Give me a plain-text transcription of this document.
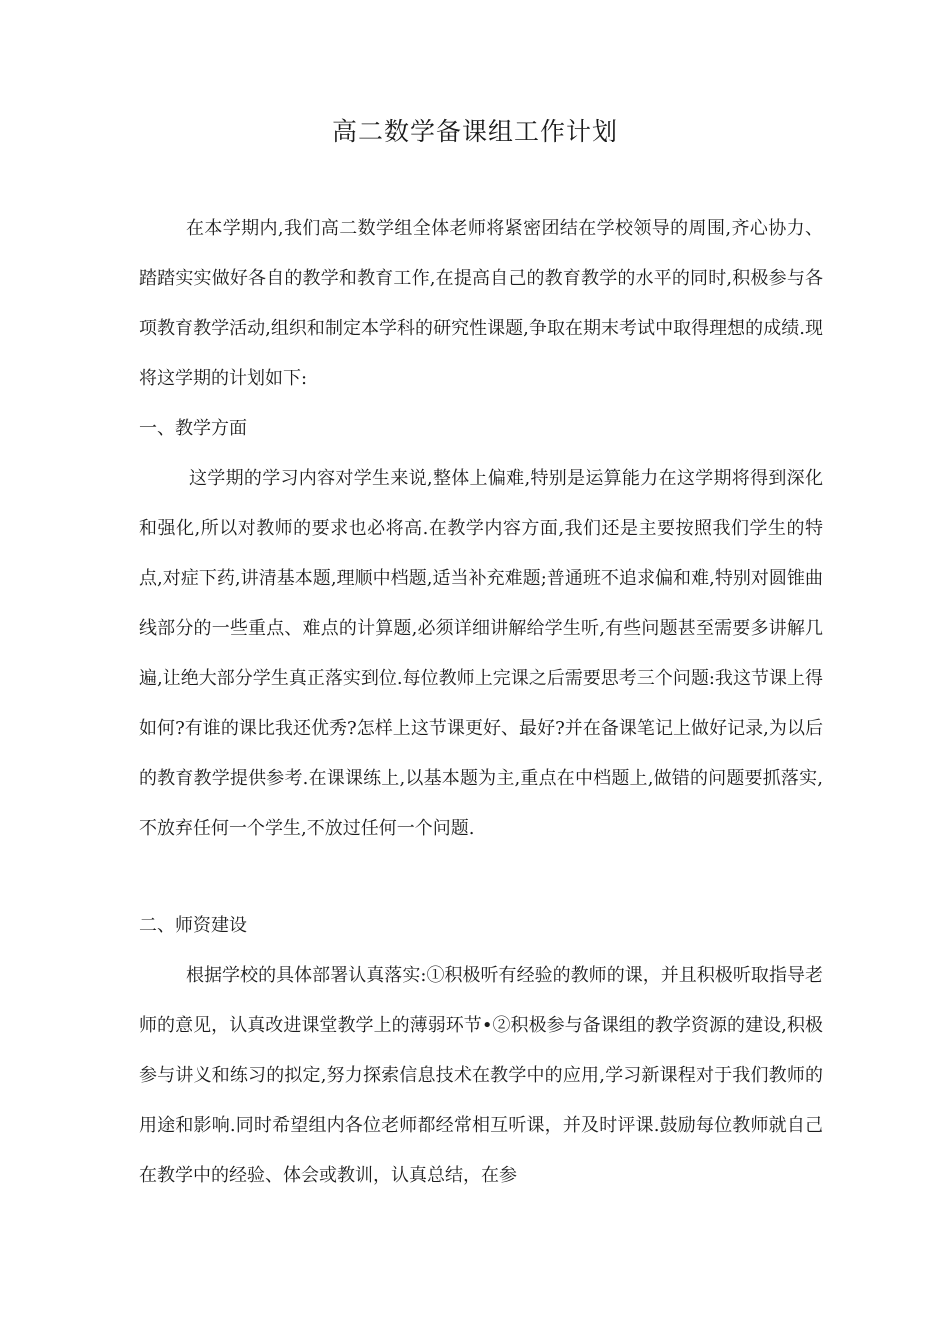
高二数学备课组工作计划

在本学期内,我们高二数学组全体老师将紧密团结在学校领导的周围,齐心协力、踏踏实实做好各自的教学和教育工作,在提高自己的教育教学的水平的同时,积极参与各项教育教学活动,组织和制定本学科的研究性课题,争取在期末考试中取得理想的成绩.现将这学期的计划如下:

一、教学方面

这学期的学习内容对学生来说,整体上偏难,特别是运算能力在这学期将得到深化和强化,所以对教师的要求也必将高.在教学内容方面,我们还是主要按照我们学生的特点,对症下药,讲清基本题,理顺中档题,适当补充难题;普通班不追求偏和难,特别对圆锥曲线部分的一些重点、难点的计算题,必须详细讲解给学生听,有些问题甚至需要多讲解几遍,让绝大部分学生真正落实到位.每位教师上完课之后需要思考三个问题:我这节课上得如何?有谁的课比我还优秀?怎样上这节课更好、最好?并在备课笔记上做好记录,为以后的教育教学提供参考.在课课练上,以基本题为主,重点在中档题上,做错的问题要抓落实,不放弃任何一个学生,不放过任何一个问题.

二、师资建设

根据学校的具体部署认真落实:①积极听有经验的教师的课，并且积极听取指导老师的意见，认真改进课堂教学上的薄弱环节•②积极参与备课组的教学资源的建设,积极参与讲义和练习的拟定,努力探索信息技术在教学中的应用,学习新课程对于我们教师的用途和影响.同时希望组内各位老师都经常相互听课，并及时评课.鼓励每位教师就自己在教学中的经验、体会或教训，认真总结，在参
